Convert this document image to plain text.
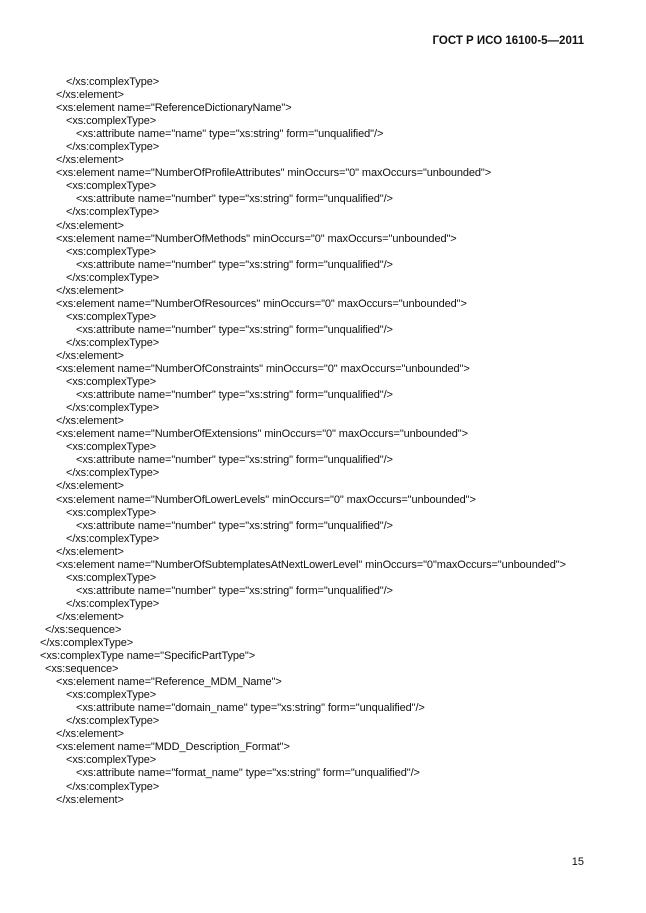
ГОСТ Р ИСО 16100-5—2011
</xs:complexType>
</xs:element>
<xs:element name="ReferenceDictionaryName">
<xs:complexType>
<xs:attribute name="name" type="xs:string" form="unqualified"/>
</xs:complexType>
</xs:element>
<xs:element name="NumberOfProfileAttributes" minOccurs="0" maxOccurs="unbounded">
<xs:complexType>
<xs:attribute name="number" type="xs:string" form="unqualified"/>
</xs:complexType>
</xs:element>
<xs:element name="NumberOfMethods" minOccurs="0" maxOccurs="unbounded">
<xs:complexType>
<xs:attribute name="number" type="xs:string" form="unqualified"/>
</xs:complexType>
</xs:element>
<xs:element name="NumberOfResources" minOccurs="0" maxOccurs="unbounded">
<xs:complexType>
<xs:attribute name="number" type="xs:string" form="unqualified"/>
</xs:complexType>
</xs:element>
<xs:element name="NumberOfConstraints" minOccurs="0" maxOccurs="unbounded">
<xs:complexType>
<xs:attribute name="number" type="xs:string" form="unqualified"/>
</xs:complexType>
</xs:element>
<xs:element name="NumberOfExtensions" minOccurs="0" maxOccurs="unbounded">
<xs:complexType>
<xs:attribute name="number" type="xs:string" form="unqualified"/>
</xs:complexType>
</xs:element>
<xs:element name="NumberOfLowerLevels" minOccurs="0" maxOccurs="unbounded">
<xs:complexType>
<xs:attribute name="number" type="xs:string" form="unqualified"/>
</xs:complexType>
</xs:element>
<xs:element name="NumberOfSubtemplatesAtNextLowerLevel" minOccurs="0"maxOccurs="unbounded">
<xs:complexType>
<xs:attribute name="number" type="xs:string" form="unqualified"/>
</xs:complexType>
</xs:element>
</xs:sequence>
</xs:complexType>
<xs:complexType name="SpecificPartType">
<xs:sequence>
<xs:element name="Reference_MDM_Name">
<xs:complexType>
<xs:attribute name="domain_name" type="xs:string" form="unqualified"/>
</xs:complexType>
</xs:element>
<xs:element name="MDD_Description_Format">
<xs:complexType>
<xs:attribute name="format_name" type="xs:string" form="unqualified"/>
</xs:complexType>
</xs:element>
15
